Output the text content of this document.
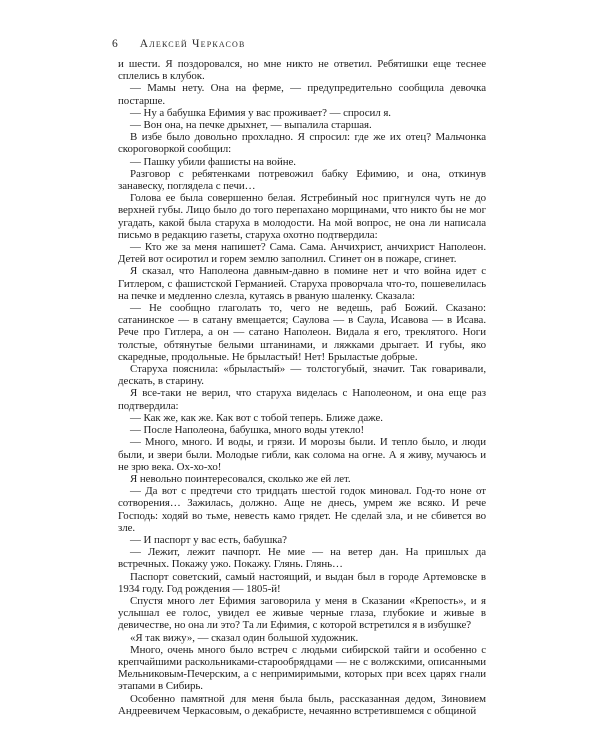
6 Алексей Черкасов

и шести. Я поздоровался, но мне никто не ответил. Ребятишки еще теснее сплелись в клубок.

— Мамы нету. Она на ферме, — предупредительно сообщила девочка постарше.

— Ну а бабушка Ефимия у вас проживает? — спросил я.

— Вон она, на печке дрыхнет, — выпалила старшая.

В избе было довольно прохладно. Я спросил: где же их отец? Мальчонка скороговоркой сообщил:

— Пашку убили фашисты на войне.

Разговор с ребятенками потревожил бабку Ефимию, и она, откинув занавеску, поглядела с печи…

Голова ее была совершенно белая. Ястребиный нос пригнулся чуть не до верхней губы. Лицо было до того перепахано морщинами, что никто бы не мог угадать, какой была старуха в молодости. На мой вопрос, не она ли написала письмо в редакцию газеты, старуха охотно подтвердила:

— Кто же за меня напишет? Сама. Сама. Анчихрист, анчихрист Наполеон. Детей вот осиротил и горем землю заполнил. Сгинет он в пожаре, сгинет.

Я сказал, что Наполеона давным-давно в помине нет и что война идет с Гитлером, с фашистской Германией. Старуха проворчала что-то, пошевелилась на печке и медленно слезла, кутаясь в рваную шаленку. Сказала:

— Не сообщно глаголать то, чего не ведешь, раб Божий. Сказано: сатанинское — в сатану вмещается; Саулова — в Саула, Исавова — в Исава. Рече про Гитлера, а он — сатано Наполеон. Видала я его, треклятого. Ноги толстые, обтянутые белыми штанинами, и ляжками дрыгает. И губы, яко скаредные, продольные. Не брыластый! Нет! Брыластые добрые.

Старуха пояснила: «брыластый» — толстогубый, значит. Так говаривали, дескать, в старину.

Я все-таки не верил, что старуха виделась с Наполеоном, и она еще раз подтвердила:

— Как же, как же. Как вот с тобой теперь. Ближе даже.

— После Наполеона, бабушка, много воды утекло!

— Много, много. И воды, и грязи. И морозы были. И тепло было, и люди были, и звери были. Молодые гибли, как солома на огне. А я живу, мучаюсь и не зрю века. Ох-хо-хо!

Я невольно поинтересовался, сколько же ей лет.

— Да вот с предтечи сто тридцать шестой годок миновал. Год-то ноне от сотворения… Зажилась, должно. Аще не днесь, умрем же всяко. И рече Господь: ходяй во тьме, невесть камо грядет. Не сделай зла, и не сбивется во зле.

— И паспорт у вас есть, бабушка?

— Лежит, лежит пачпорт. Не мие — на ветер дан. На пришлых да встречных. Покажу ужо. Покажу. Глянь. Глянь…

Паспорт советский, самый настоящий, и выдан был в городе Артемовске в 1934 году. Год рождения — 1805-й!

Спустя много лет Ефимия заговорила у меня в Сказании «Крепость», и я услышал ее голос, увидел ее живые черные глаза, глубокие и живые в девичестве, но она ли это? Та ли Ефимия, с которой встретился я в избушке?

«Я так вижу», — сказал один большой художник.

Много, очень много было встреч с людьми сибирской тайги и особенно с крепчайшими раскольниками-старообрядцами — не с волжскими, описанными Мельниковым-Печерским, а с непримиримыми, которых при всех царях гнали этапами в Сибирь.

Особенно памятной для меня была быль, рассказанная дедом, Зиновием Андреевичем Черкасовым, о декабристе, нечаянно встретившемся с общиной
